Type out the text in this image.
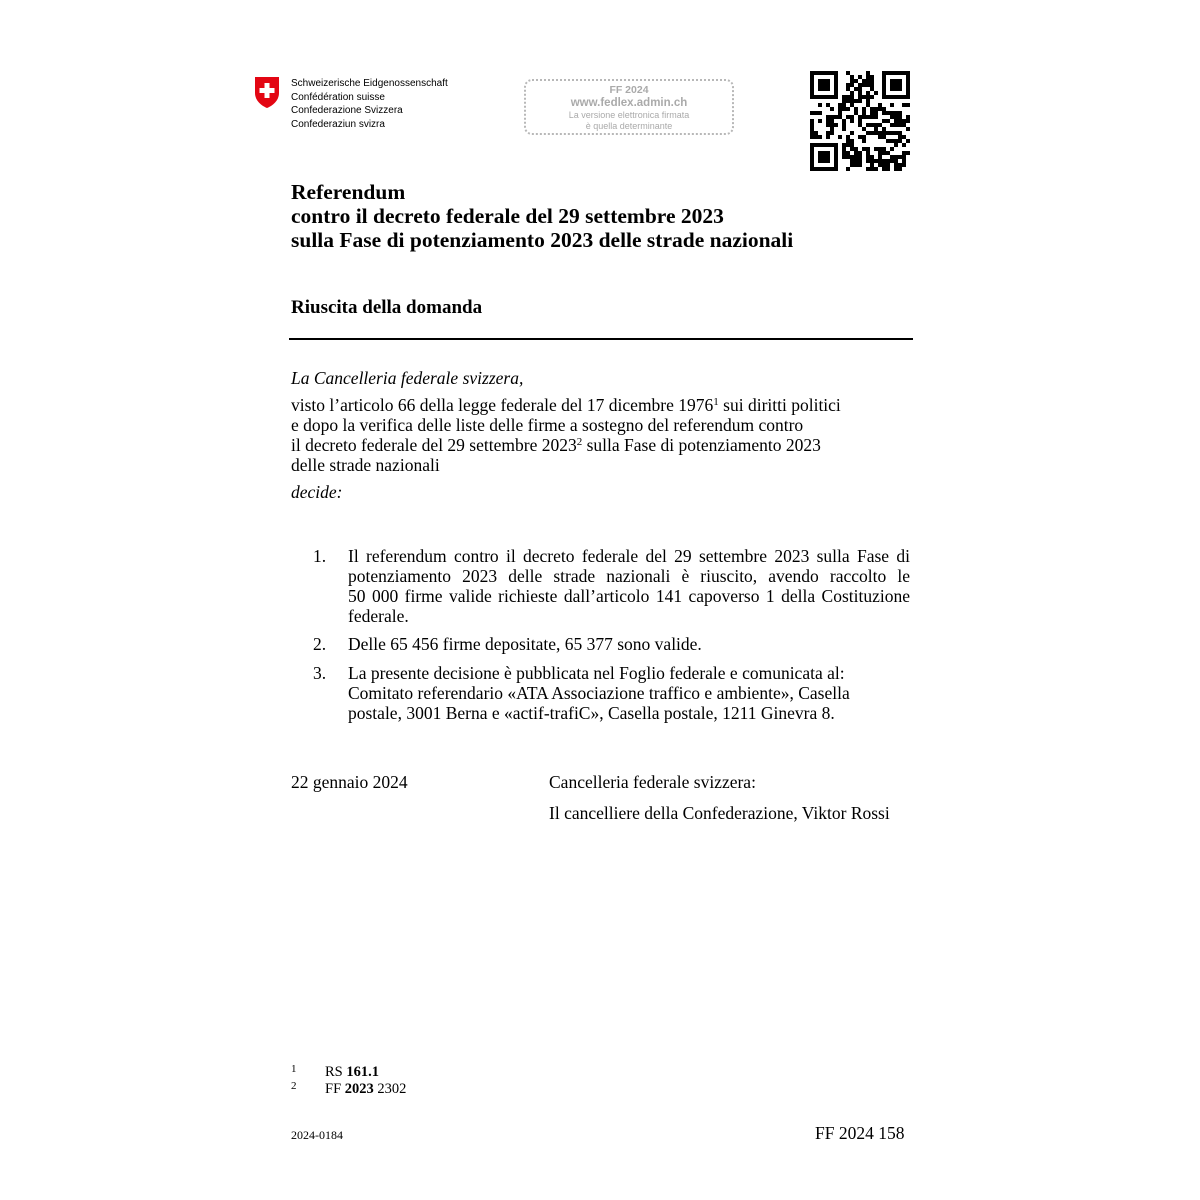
Schweizerische Eidgenossenschaft
Confédération suisse
Confederazione Svizzera
Confederaziun svizra
FF 2024
www.fedlex.admin.ch
La versione elettronica firmata
è quella determinante
Referendum
contro il decreto federale del 29 settembre 2023
sulla Fase di potenziamento 2023 delle strade nazionali
Riuscita della domanda
La Cancelleria federale svizzera,
visto l’articolo 66 della legge federale del 17 dicembre 1976$^1$ sui diritti politici
e dopo la verifica delle liste delle firme a sostegno del referendum contro
il decreto federale del 29 settembre 2023$^2$ sulla Fase di potenziamento 2023
delle strade nazionali
decide:
1. Il referendum contro il decreto federale del 29 settembre 2023 sulla Fase di
potenziamento 2023 delle strade nazionali è riuscito, avendo raccolto le
50 000 firme valide richieste dall’articolo 141 capoverso 1 della Costituzione
federale.
2. Delle 65 456 firme depositate, 65 377 sono valide.
3. La presente decisione è pubblicata nel Foglio federale e comunicata al:
Comitato referendario «ATA Associazione traffico e ambiente», Casella
postale, 3001 Berna e «actif-trafiC», Casella postale, 1211 Ginevra 8.
22 gennaio 2024	Cancelleria federale svizzera:
Il cancelliere della Confederazione, Viktor Rossi
1 RS 161.1
2 FF 2023 2302
2024-0184	FF 2024 158
